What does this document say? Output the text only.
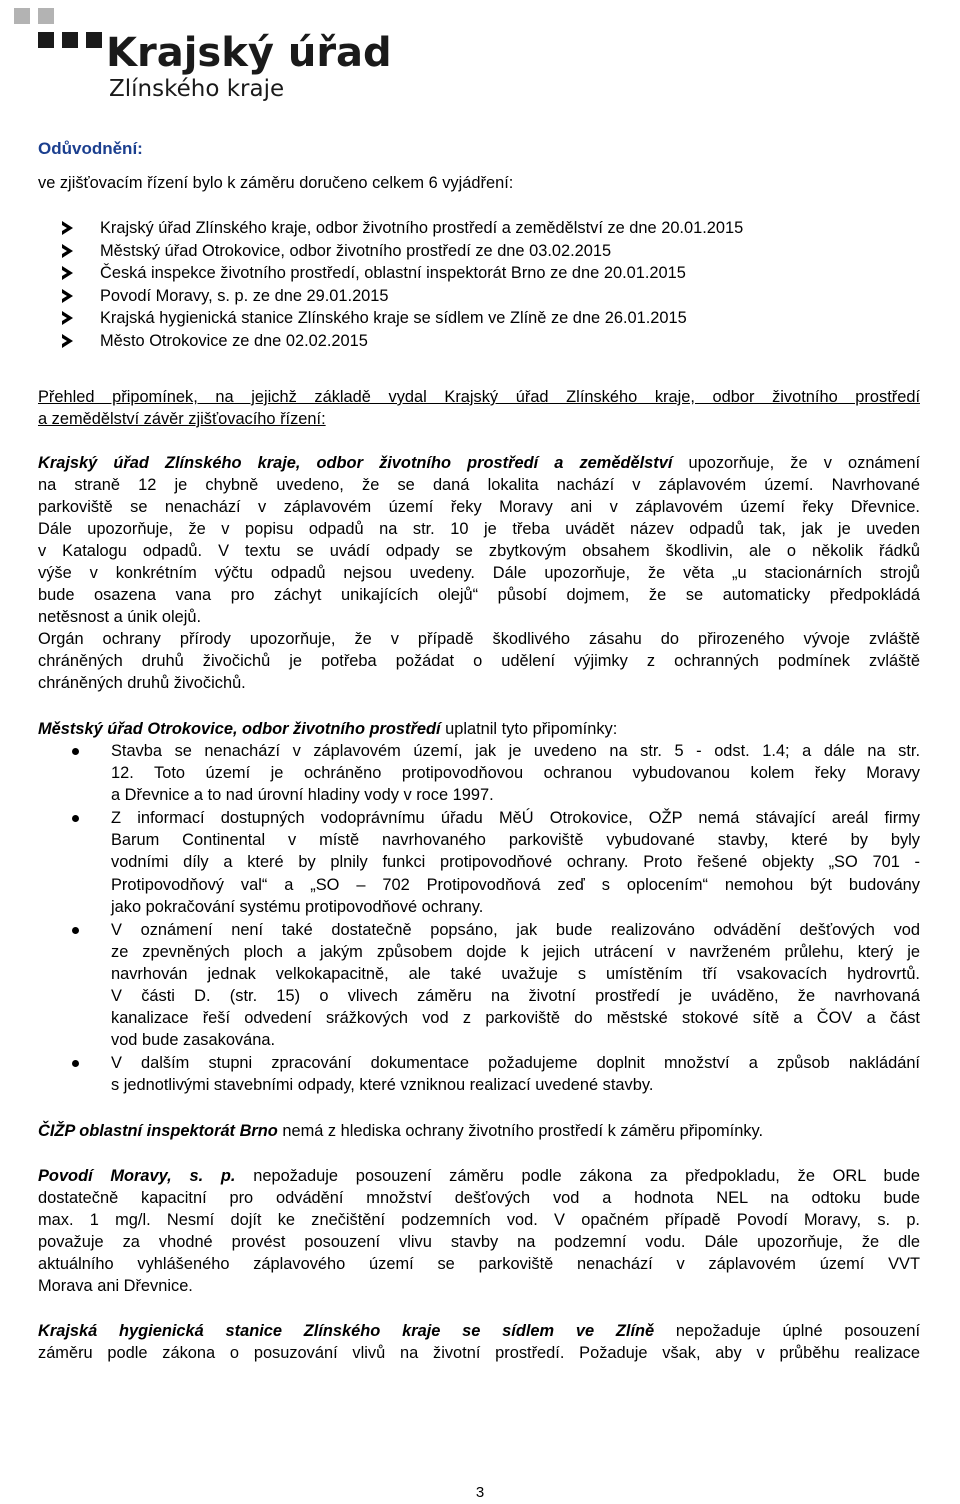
Krajský úřad
Zlínského kraje
Odůvodnění:
ve zjišťovacím řízení bylo k záměru doručeno celkem 6 vyjádření:
Krajský úřad Zlínského kraje, odbor životního prostředí a zemědělství ze dne 20.01.2015
Městský úřad Otrokovice, odbor životního prostředí ze dne 03.02.2015
Česká inspekce životního prostředí, oblastní inspektorát Brno ze dne 20.01.2015
Povodí Moravy, s. p. ze dne 29.01.2015
Krajská hygienická stanice Zlínského kraje se sídlem ve Zlíně ze dne 26.01.2015
Město Otrokovice ze dne 02.02.2015
Přehled připomínek, na jejichž základě vydal Krajský úřad Zlínského kraje, odbor životního prostředí
a zemědělství závěr zjišťovacího řízení:
Krajský úřad Zlínského kraje, odbor životního prostředí a zemědělství upozorňuje, že v oznámení
na straně 12 je chybně uvedeno, že se daná lokalita nachází v záplavovém území. Navrhované
parkoviště se nenachází v záplavovém území řeky Moravy ani v záplavovém území řeky Dřevnice.
Dále upozorňuje, že v popisu odpadů na str. 10 je třeba uvádět název odpadů tak, jak je uveden
v Katalogu odpadů. V textu se uvádí odpady se zbytkovým obsahem škodlivin, ale o několik řádků
výše v konkrétním výčtu odpadů nejsou uvedeny. Dále upozorňuje, že věta „u stacionárních strojů
bude osazena vana pro záchyt unikajících olejů“ působí dojmem, že se automaticky předpokládá
netěsnost a únik olejů.
Orgán ochrany přírody upozorňuje, že v případě škodlivého zásahu do přirozeného vývoje zvláště
chráněných druhů živočichů je potřeba požádat o udělení výjimky z ochranných podmínek zvláště
chráněných druhů živočichů.
Městský úřad Otrokovice, odbor životního prostředí uplatnil tyto připomínky:
Stavba se nenachází v záplavovém území, jak je uvedeno na str. 5 - odst. 1.4; a dále na str.
12. Toto území je ochráněno protipovodňovou ochranou vybudovanou kolem řeky Moravy
a Dřevnice a to nad úrovní hladiny vody v roce 1997.
Z informací dostupných vodoprávnímu úřadu MěÚ Otrokovice, OŽP nemá stávající areál firmy
Barum Continental v místě navrhovaného parkoviště vybudované stavby, které by byly
vodními díly a které by plnily funkci protipovodňové ochrany. Proto řešené objekty „SO 701 -
Protipovodňový val“ a „SO – 702 Protipovodňová zeď s oplocením“ nemohou být budovány
jako pokračování systému protipovodňové ochrany.
V oznámení není také dostatečně popsáno, jak bude realizováno odvádění dešťových vod
ze zpevněných ploch a jakým způsobem dojde k jejich utrácení v navrženém průlehu, který je
navrhován jednak velkokapacitně, ale také uvažuje s umístěním tří vsakovacích hydrovrtů.
V části D. (str. 15) o vlivech záměru na životní prostředí je uváděno, že navrhovaná
kanalizace řeší odvedení srážkových vod z parkoviště do městské stokové sítě a ČOV a část
vod bude zasakována.
V dalším stupni zpracování dokumentace požadujeme doplnit množství a způsob nakládání
s jednotlivými stavebními odpady, které vzniknou realizací uvedené stavby.
ČIŽP oblastní inspektorát Brno nemá z hlediska ochrany životního prostředí k záměru připomínky.
Povodí Moravy, s. p. nepožaduje posouzení záměru podle zákona za předpokladu, že ORL bude
dostatečně kapacitní pro odvádění množství dešťových vod a hodnota NEL na odtoku bude
max. 1 mg/l. Nesmí dojít ke znečištění podzemních vod. V opačném případě Povodí Moravy, s. p.
považuje za vhodné provést posouzení vlivu stavby na podzemní vodu. Dále upozorňuje, že dle
aktuálního vyhlášeného záplavového území se parkoviště nenachází v záplavovém území VVT
Morava ani Dřevnice.
Krajská hygienická stanice Zlínského kraje se sídlem ve Zlíně nepožaduje úplné posouzení
záměru podle zákona o posuzování vlivů na životní prostředí. Požaduje však, aby v průběhu realizace
3
